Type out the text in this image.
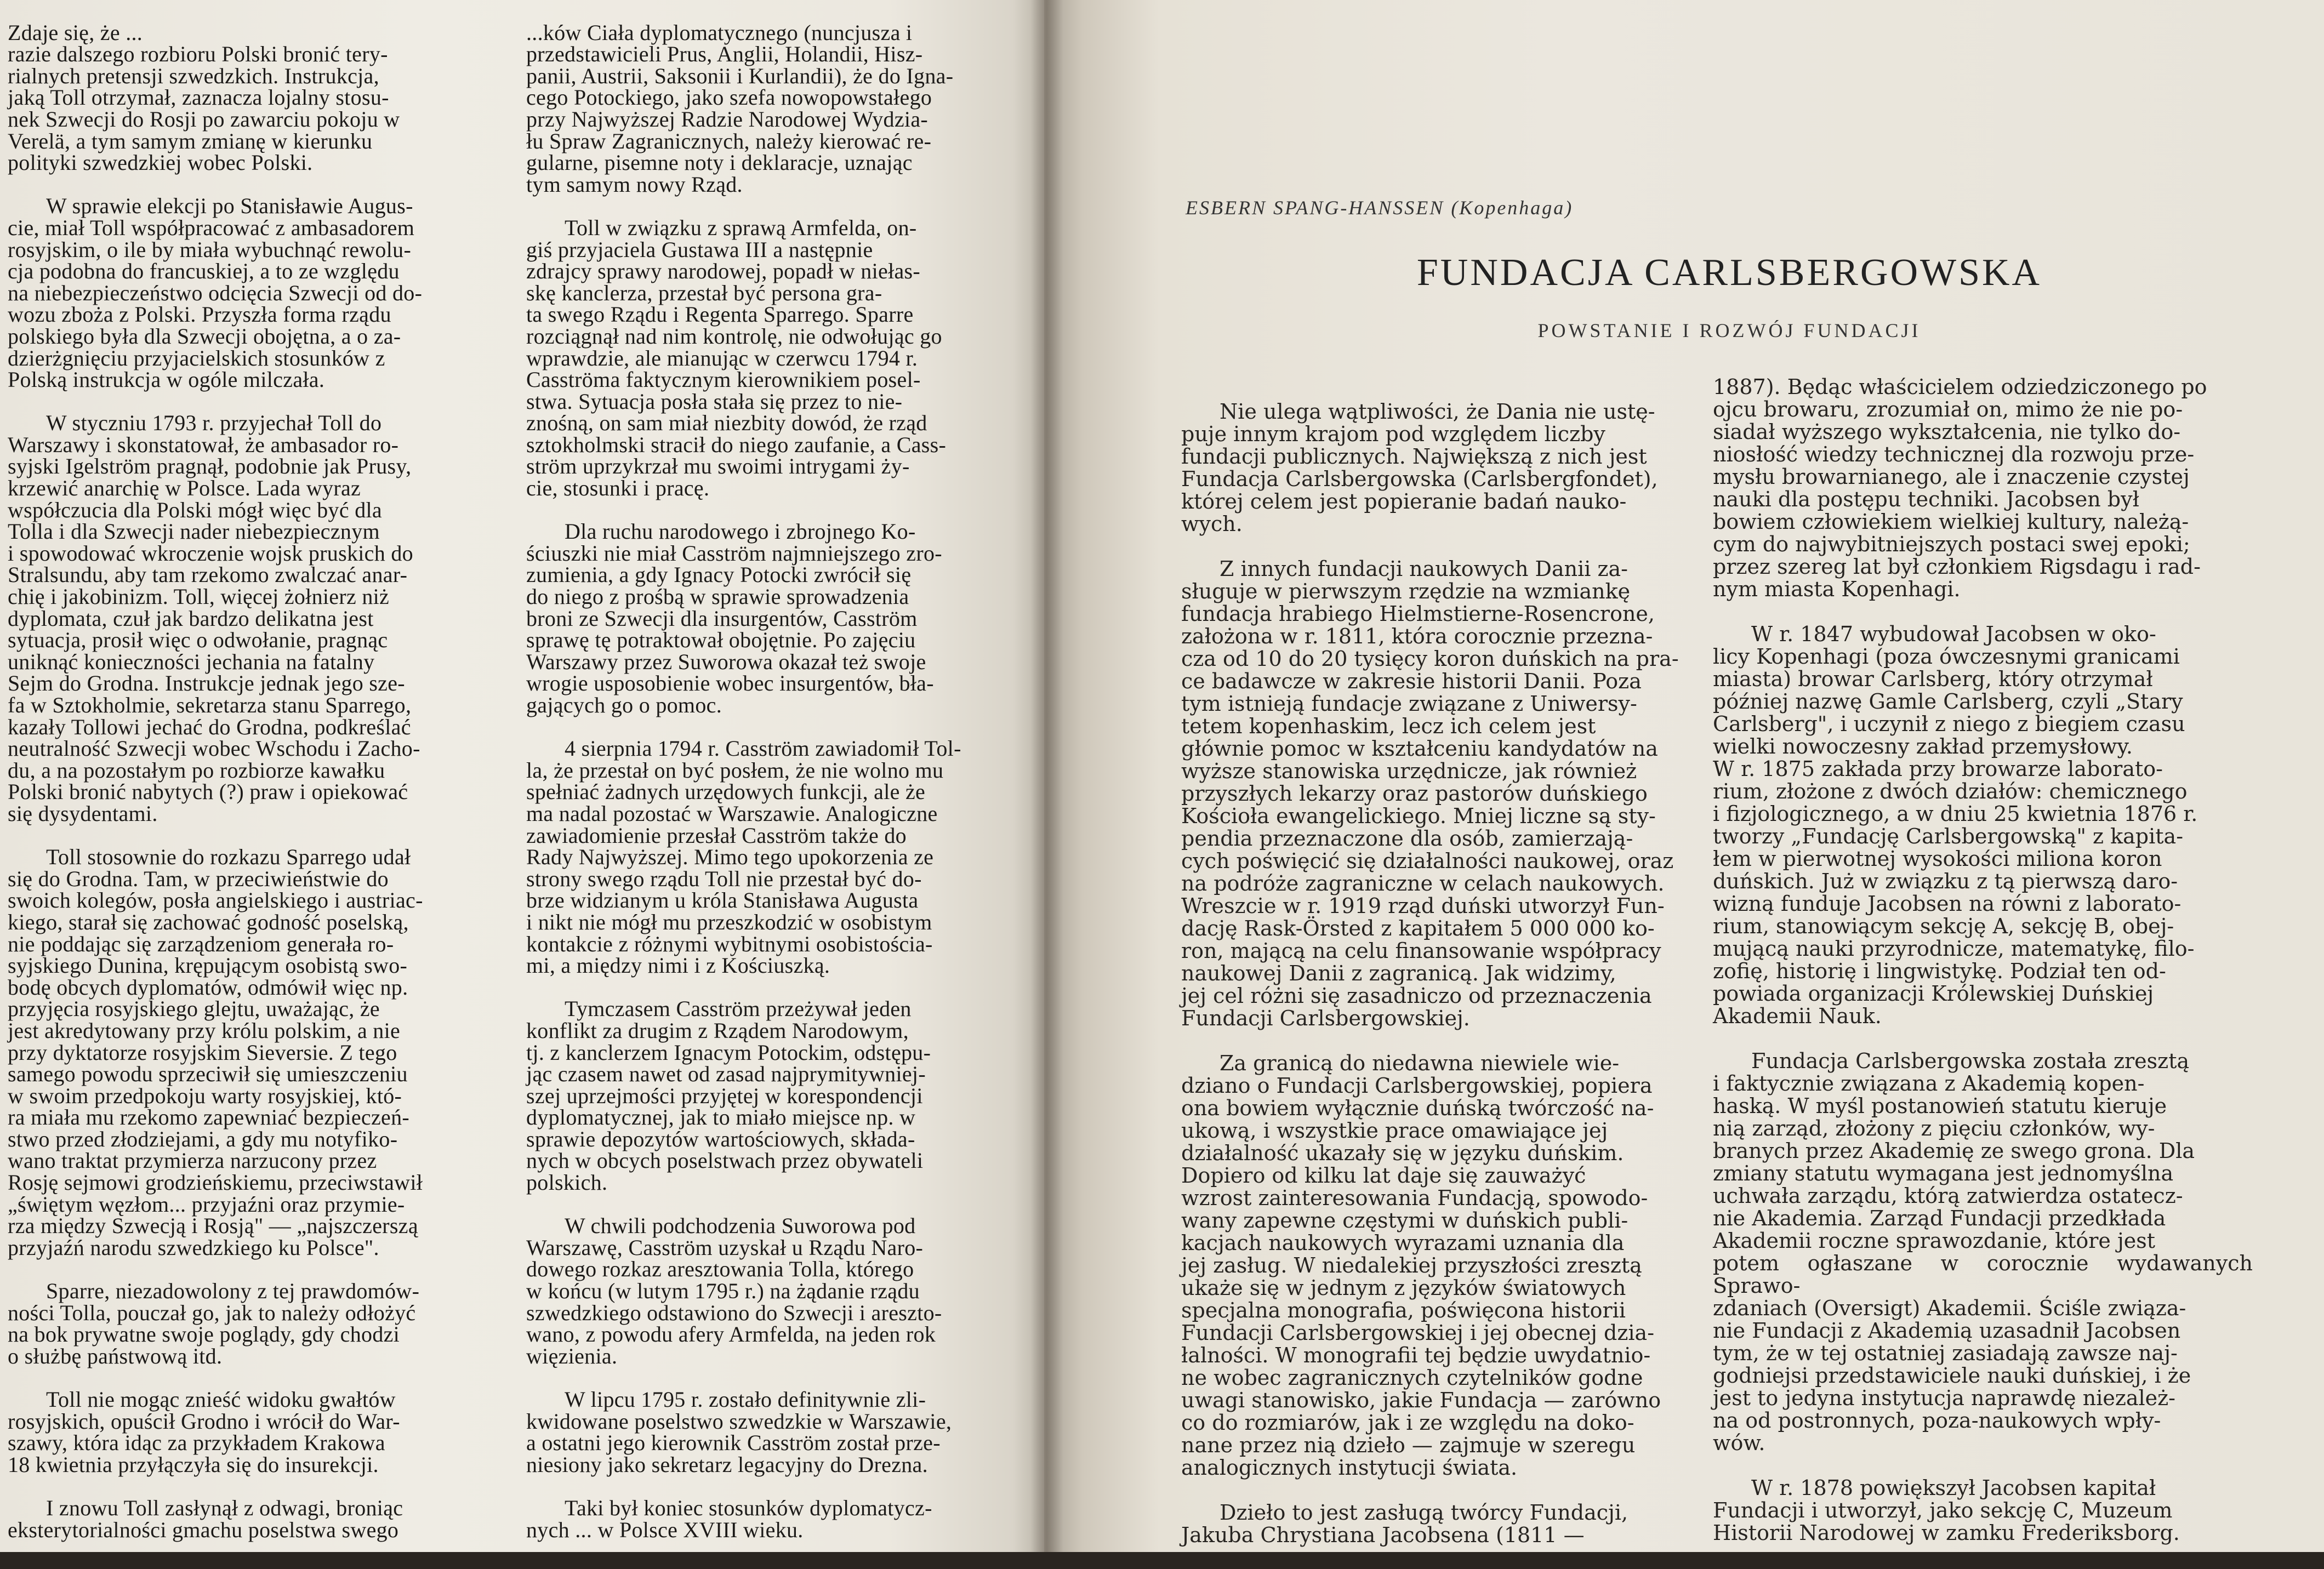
Zdaje się, że ...
razie dalszego rozbioru Polski bronić tery-
rialnych pretensji szwedzkich. Instrukcja,
jaką Toll otrzymał, zaznacza lojalny stosu-
nek Szwecji do Rosji po zawarciu pokoju w
Verelä, a tym samym zmianę w kierunku
polityki szwedzkiej wobec Polski.

W sprawie elekcji po Stanisławie Augus-
cie, miał Toll współpracować z ambasadorem
rosyjskim, o ile by miała wybuchnąć rewolu-
cja podobna do francuskiej, a to ze względu
na niebezpieczeństwo odcięcia Szwecji od do-
wozu zboża z Polski. Przyszła forma rządu
polskiego była dla Szwecji obojętna, a o za-
dzierżgnięciu przyjacielskich stosunków z
Polską instrukcja w ogóle milczała.

W styczniu 1793 r. przyjechał Toll do
Warszawy i skonstatował, że ambasador ro-
syjski Igelström pragnął, podobnie jak Prusy,
krzewić anarchię w Polsce. Lada wyraz
współczucia dla Polski mógł więc być dla
Tolla i dla Szwecji nader niebezpiecznym
i spowodować wkroczenie wojsk pruskich do
Stralsundu, aby tam rzekomo zwalczać anar-
chię i jakobinizm. Toll, więcej żołnierz niż
dyplomata, czuł jak bardzo delikatna jest
sytuacja, prosił więc o odwołanie, pragnąc
uniknąć konieczności jechania na fatalny
Sejm do Grodna. Instrukcje jednak jego sze-
fa w Sztokholmie, sekretarza stanu Sparrego,
kazały Tollowi jechać do Grodna, podkreślać
neutralność Szwecji wobec Wschodu i Zacho-
du, a na pozostałym po rozbiorze kawałku
Polski bronić nabytych (?) praw i opiekować
się dysydentami.

Toll stosownie do rozkazu Sparrego udał
się do Grodna. Tam, w przeciwieństwie do
swoich kolegów, posła angielskiego i austriac-
kiego, starał się zachować godność poselską,
nie poddając się zarządzeniom generała ro-
syjskiego Dunina, krępującym osobistą swo-
bodę obcych dyplomatów, odmówił więc np.
przyjęcia rosyjskiego glejtu, uważając, że
jest akredytowany przy królu polskim, a nie
przy dyktatorze rosyjskim Sieversie. Z tego
samego powodu sprzeciwił się umieszczeniu
w swoim przedpokoju warty rosyjskiej, któ-
ra miała mu rzekomo zapewniać bezpieczeń-
stwo przed złodziejami, a gdy mu notyfiko-
wano traktat przymierza narzucony przez
Rosję sejmowi grodzieńskiemu, przeciwstawił
„świętym węzłom... przyjaźni oraz przymie-
rza między Szwecją i Rosją" — „najszczerszą
przyjaźń narodu szwedzkiego ku Polsce".

Sparre, niezadowolony z tej prawdomów-
ności Tolla, pouczał go, jak to należy odłożyć
na bok prywatne swoje poglądy, gdy chodzi
o służbę państwową itd.

Toll nie mogąc znieść widoku gwałtów
rosyjskich, opuścił Grodno i wrócił do War-
szawy, która idąc za przykładem Krakowa
18 kwietnia przyłączyła się do insurekcji.

I znowu Toll zasłynął z odwagi, broniąc
eksterytorialności gmachu poselstwa swego

...ków Ciała dyplomatycznego (nuncjusza i
przedstawicieli Prus, Anglii, Holandii, Hisz-
panii, Austrii, Saksonii i Kurlandii), że do Igna-
cego Potockiego, jako szefa nowopowstałego
przy Najwyższej Radzie Narodowej Wydzia-
łu Spraw Zagranicznych, należy kierować re-
gularne, pisemne noty i deklaracje, uznając
tym samym nowy Rząd.

Toll w związku z sprawą Armfelda, on-
giś przyjaciela Gustawa III a następnie
zdrajcy sprawy narodowej, popadł w niełas-
skę kanclerza, przestał być persona gra-
ta swego Rządu i Regenta Sparrego. Sparre
rozciągnął nad nim kontrolę, nie odwołując go
wprawdzie, ale mianując w czerwcu 1794 r.
Casströma faktycznym kierownikiem posel-
stwa. Sytuacja posła stała się przez to nie-
znośną, on sam miał niezbity dowód, że rząd
sztokholmski stracił do niego zaufanie, a Cass-
ström uprzykrzał mu swoimi intrygami ży-
cie, stosunki i pracę.

Dla ruchu narodowego i zbrojnego Ko-
ściuszki nie miał Casström najmniejszego zro-
zumienia, a gdy Ignacy Potocki zwrócił się
do niego z prośbą w sprawie sprowadzenia
broni ze Szwecji dla insurgentów, Casström
sprawę tę potraktował obojętnie. Po zajęciu
Warszawy przez Suworowa okazał też swoje
wrogie usposobienie wobec insurgentów, bła-
gających go o pomoc.

4 sierpnia 1794 r. Casström zawiadomił Tol-
la, że przestał on być posłem, że nie wolno mu
spełniać żadnych urzędowych funkcji, ale że
ma nadal pozostać w Warszawie. Analogiczne
zawiadomienie przesłał Casström także do
Rady Najwyższej. Mimo tego upokorzenia ze
strony swego rządu Toll nie przestał być do-
brze widzianym u króla Stanisława Augusta
i nikt nie mógł mu przeszkodzić w osobistym
kontakcie z różnymi wybitnymi osobistościa-
mi, a między nimi i z Kościuszką.

Tymczasem Casström przeżywał jeden
konflikt za drugim z Rządem Narodowym,
tj. z kanclerzem Ignacym Potockim, odstępu-
jąc czasem nawet od zasad najprymitywniej-
szej uprzejmości przyjętej w korespondencji
dyplomatycznej, jak to miało miejsce np. w
sprawie depozytów wartościowych, składa-
nych w obcych poselstwach przez obywateli
polskich.

W chwili podchodzenia Suworowa pod
Warszawę, Casström uzyskał u Rządu Naro-
dowego rozkaz aresztowania Tolla, którego
w końcu (w lutym 1795 r.) na żądanie rządu
szwedzkiego odstawiono do Szwecji i areszto-
wano, z powodu afery Armfelda, na jeden rok
więzienia.

W lipcu 1795 r. zostało definitywnie zli-
kwidowane poselstwo szwedzkie w Warszawie,
a ostatni jego kierownik Casström został prze-
niesiony jako sekretarz legacyjny do Drezna.

Taki był koniec stosunków dyplomatycz-
nych ... w Polsce XVIII wieku.

ESBERN SPANG-HANSSEN (Kopenhaga)
FUNDACJA CARLSBERGOWSKA
POWSTANIE I ROZWÓJ FUNDACJI

Nie ulega wątpliwości, że Dania nie ustę-
puje innym krajom pod względem liczby
fundacji publicznych. Największą z nich jest
Fundacja Carlsbergowska (Carlsbergfondet),
której celem jest popieranie badań nauko-
wych.

Z innych fundacji naukowych Danii za-
sługuje w pierwszym rzędzie na wzmiankę
fundacja hrabiego Hielmstierne-Rosencrone,
założona w r. 1811, która corocznie przezna-
cza od 10 do 20 tysięcy koron duńskich na pra-
ce badawcze w zakresie historii Danii. Poza
tym istnieją fundacje związane z Uniwersy-
tetem kopenhaskim, lecz ich celem jest
głównie pomoc w kształceniu kandydatów na
wyższe stanowiska urzędnicze, jak również
przyszłych lekarzy oraz pastorów duńskiego
Kościoła ewangelickiego. Mniej liczne są sty-
pendia przeznaczone dla osób, zamierzają-
cych poświęcić się działalności naukowej, oraz
na podróże zagraniczne w celach naukowych.
Wreszcie w r. 1919 rząd duński utworzył Fun-
dację Rask-Örsted z kapitałem 5 000 000 ko-
ron, mającą na celu finansowanie współpracy
naukowej Danii z zagranicą. Jak widzimy,
jej cel różni się zasadniczo od przeznaczenia
Fundacji Carlsbergowskiej.

Za granicą do niedawna niewiele wie-
dziano o Fundacji Carlsbergowskiej, popiera
ona bowiem wyłącznie duńską twórczość na-
ukową, i wszystkie prace omawiające jej
działalność ukazały się w języku duńskim.
Dopiero od kilku lat daje się zauważyć
wzrost zainteresowania Fundacją, spowodo-
wany zapewne częstymi w duńskich publi-
kacjach naukowych wyrazami uznania dla
jej zasług. W niedalekiej przyszłości zresztą
ukaże się w jednym z języków światowych
specjalna monografia, poświęcona historii
Fundacji Carlsbergowskiej i jej obecnej dzia-
łalności. W monografii tej będzie uwydatnio-
ne wobec zagranicznych czytelników godne
uwagi stanowisko, jakie Fundacja — zarówno
co do rozmiarów, jak i ze względu na doko-
nane przez nią dzieło — zajmuje w szeregu
analogicznych instytucji świata.

Dzieło to jest zasługą twórcy Fundacji,
Jakuba Chrystiana Jacobsena (1811 —

1887). Będąc właścicielem odziedziczonego po
ojcu browaru, zrozumiał on, mimo że nie po-
siadał wyższego wykształcenia, nie tylko do-
niosłość wiedzy technicznej dla rozwoju prze-
mysłu browarnianego, ale i znaczenie czystej
nauki dla postępu techniki. Jacobsen był
bowiem człowiekiem wielkiej kultury, należą-
cym do najwybitniejszych postaci swej epoki;
przez szereg lat był członkiem Rigsdagu i rad-
nym miasta Kopenhagi.

W r. 1847 wybudował Jacobsen w oko-
licy Kopenhagi (poza ówczesnymi granicami
miasta) browar Carlsberg, który otrzymał
później nazwę Gamle Carlsberg, czyli „Stary
Carlsberg", i uczynił z niego z biegiem czasu
wielki nowoczesny zakład przemysłowy.
W r. 1875 zakłada przy browarze laborato-
rium, złożone z dwóch działów: chemicznego
i fizjologicznego, a w dniu 25 kwietnia 1876 r.
tworzy „Fundację Carlsbergowską" z kapita-
łem w pierwotnej wysokości miliona koron
duńskich. Już w związku z tą pierwszą daro-
wizną funduje Jacobsen na równi z laborato-
rium, stanowiącym sekcję A, sekcję B, obej-
mującą nauki przyrodnicze, matematykę, filo-
zofię, historię i lingwistykę. Podział ten od-
powiada organizacji Królewskiej Duńskiej
Akademii Nauk.

Fundacja Carlsbergowska została zresztą
i faktycznie związana z Akademią kopen-
haską. W myśl postanowień statutu kieruje
nią zarząd, złożony z pięciu członków, wy-
branych przez Akademię ze swego grona. Dla
zmiany statutu wymagana jest jednomyślna
uchwała zarządu, którą zatwierdza ostatecz-
nie Akademia. Zarząd Fundacji przedkłada
Akademii roczne sprawozdanie, które jest
potem ogłaszane w corocznie wydawanych Sprawo-
zdaniach (Oversigt) Akademii. Ściśle związa-
nie Fundacji z Akademią uzasadnił Jacobsen
tym, że w tej ostatniej zasiadają zawsze naj-
godniejsi przedstawiciele nauki duńskiej, i że
jest to jedyna instytucja naprawdę niezależ-
na od postronnych, poza-naukowych wpły-
wów.

W r. 1878 powiększył Jacobsen kapitał
Fundacji i utworzył, jako sekcję C, Muzeum
Historii Narodowej w zamku Frederiksborg.
